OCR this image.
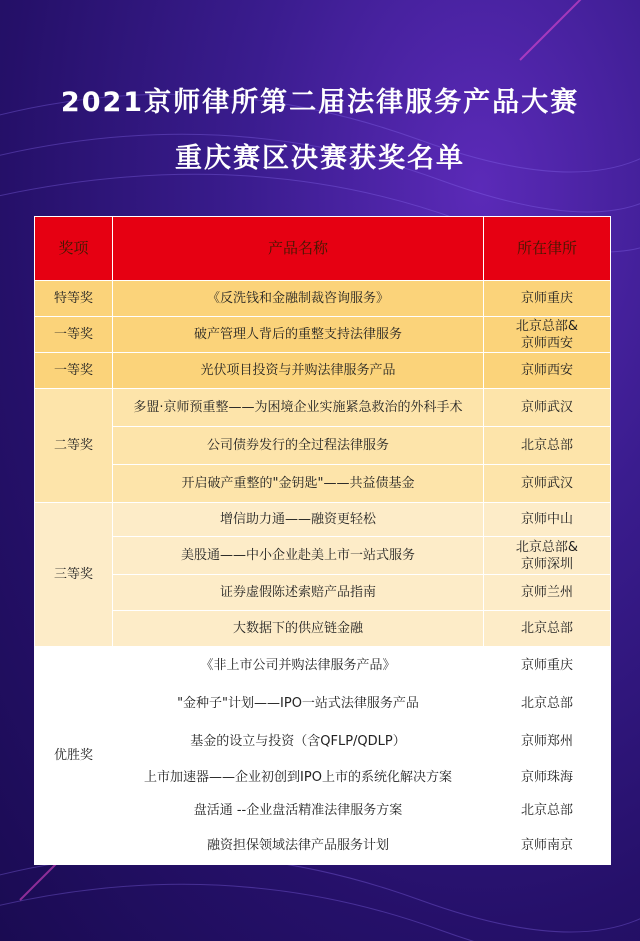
2021京师律所第二届法律服务产品大赛
重庆赛区决赛获奖名单
奖项	产品名称	所在律所
特等奖	《反洗钱和金融制裁咨询服务》	京师重庆
一等奖	破产管理人背后的重整支持法律服务	北京总部&
京师西安
一等奖	光伏项目投资与并购法律服务产品	京师西安
二等奖	多盟·京师预重整——为困境企业实施紧急救治的外科手术	京师武汉
	公司债券发行的全过程法律服务	北京总部
	开启破产重整的"金钥匙"——共益债基金	京师武汉
三等奖	增信助力通——融资更轻松	京师中山
	美股通——中小企业赴美上市一站式服务	北京总部&
京师深圳
	证券虚假陈述索赔产品指南	京师兰州
	大数据下的供应链金融	北京总部
优胜奖	《非上市公司并购法律服务产品》	京师重庆
	"金种子"计划——IPO一站式法律服务产品	北京总部
	基金的设立与投资（含QFLP/QDLP）	京师郑州
	上市加速器——企业初创到IPO上市的系统化解决方案	京师珠海
	盘活通 --企业盘活精准法律服务方案	北京总部
	融资担保领域法律产品服务计划	京师南京
